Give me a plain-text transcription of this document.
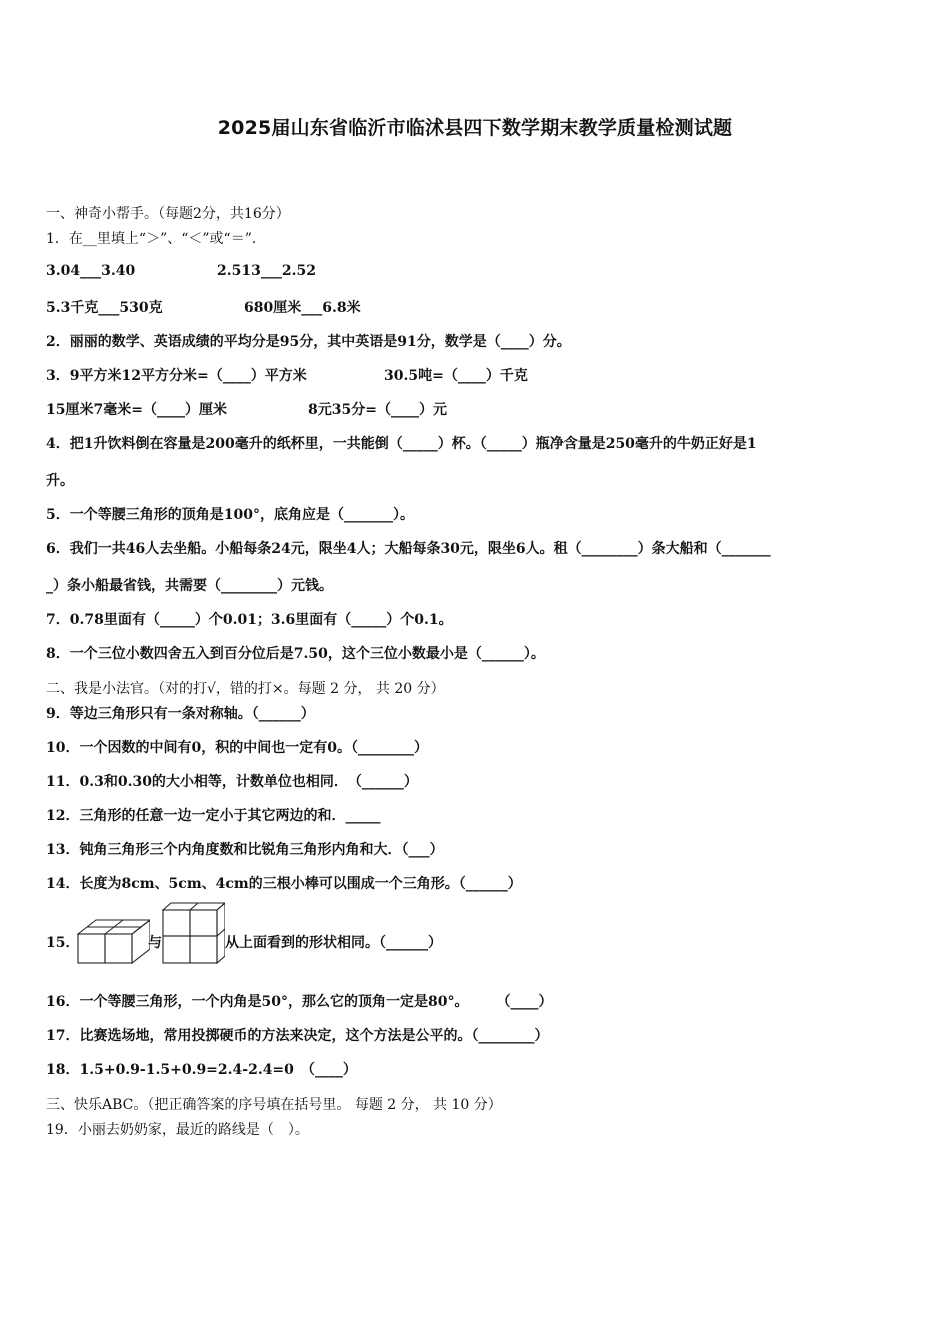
2025届山东省临沂市临沭县四下数学期末教学质量检测试题
一、神奇小帮手。（每题2分，共16分）
1．在__里填上“＞”、“＜”或“＝”．
3.04___3.40	2.513___2.52
5.3千克___530克	680厘米___6.8米
2．丽丽的数学、英语成绩的平均分是95分，其中英语是91分，数学是（____）分。
3．9平方米12平方分米=（____）平方米	30.5吨=（____）千克
15厘米7毫米=（____）厘米	8元35分=（____）元
4．把1升饮料倒在容量是200毫升的纸杯里，一共能倒（_____）杯。（_____）瓶净含量是250毫升的牛奶正好是1
升。
5．一个等腰三角形的顶角是100°，底角应是（_______）。
6．我们一共46人去坐船。小船每条24元，限坐4人；大船每条30元，限坐6人。租（________）条大船和（_______
_）条小船最省钱，共需要（________）元钱。
7．0.78里面有（_____）个0.01；3.6里面有（_____）个0.1。
8．一个三位小数四舍五入到百分位后是7.50，这个三位小数最小是（______）。
二、我是小法官。（对的打√，错的打×。每题 2 分， 共 20 分）
9．等边三角形只有一条对称轴。（______）
10．一个因数的中间有0，积的中间也一定有0。（________）
11．0.3和0.30的大小相等，计数单位也相同．　（______）
12．三角形的任意一边一定小于其它两边的和．_____
13．钝角三角形三个内角度数和比锐角三角形内角和大．（___）
14．长度为8cm、5cm、4cm的三根小棒可以围成一个三角形。（______）
15．	与	从上面看到的形状相同。（______）
16．一个等腰三角形，一个内角是50°，那么它的顶角一定是80°。　　　（____）
17．比赛选场地，常用投掷硬币的方法来决定，这个方法是公平的。（________）
18．1.5+0.9-1.5+0.9=2.4-2.4=0　（____）
三、快乐ABC。（把正确答案的序号填在括号里。 每题 2 分， 共 10 分）
19．小丽去奶奶家，最近的路线是（　）。
